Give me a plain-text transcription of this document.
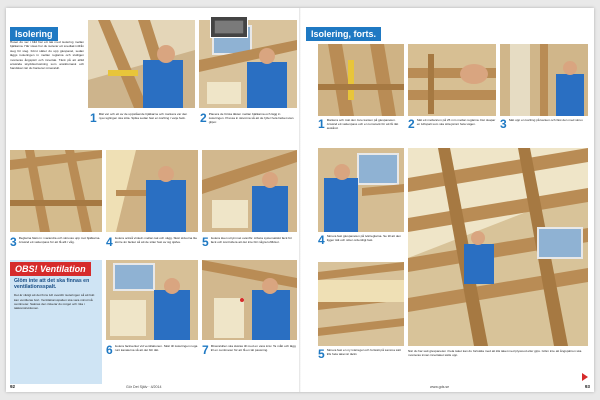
Isolering
Huset du ser i bild har ett tak med isolering mellan bjälkarna. Här visas hur du isolerar ett snedtak inifrån steg för steg. Först sätter du upp glespanel, sedan läggs isoleringen in mellan reglarna och slutligen monteras ångspärr och innertak. Tänk på att alltid använda skyddsutrustning som ansiktsmask och handskar när du hanterar mineralull.
1 Mät var och ett av de uppstående bjälkarna och markera var den nya reglingen ska sitta. Spika sedan fast en kortling i varje fack.	2 Placera de första läkten mellan bjälkarna och lägg in isoleringen. Pressa in skivorna så att de fyller hela facket utan glipor.
3 Reglarna fästs in i varandra och skruvas upp mot bjälkarna. Använd ett vattenpass för att få allt i våg.	4 Isolera också vinkeln mellan tak och vägg. Skär skivorna lite större än facket så att de sitter fast av sig själva.	5 Isolera även utrymmet ovanför. Arbeta systematiskt fack för fack och kontrollera att det inte blir några luftfickor.
OBS! Ventilation
Glöm inte att det ska finnas en ventilationsspalt.
Det är viktigt att det finns luft ovanför isoleringen så att fukt kan ventileras bort. Ventilationsspalten ska vara minst två centimeter. Saknas den riskerar du mögel och röta i takkonstruktionen.
6 Isolera fackverket vid ventilationen. Skär till isoleringen noga runt kanalerna så att det blir tätt.	7 Mineralullen ska skäras till med en vass kniv. Ta mått och lägg till en centimeter för att få en tät passning.
92	Gör Det Själv · 4/2014
Isolering, forts.
1 Markera och mät den övre kanten på glespanelen. Använd ett vattenpass och en tumstock för att få rätt avstånd.	2 Sätt ett mellanrum på 25 mm mellan reglarna. Det skapar en luftspalt som ska sitta jämnt hela vägen.	3 Sätt upp en kortling på kanten och fäst den med skruv.
4 Skruva fast glespanelen på tvärreglarna. Se till att den ligger tätt och sitter ordentligt fast.
5 Skruva fast en ny tvärregel och fortsätt på samma sätt tills hela taket är täckt.
När du har satt glespanelen i hela taket kan du fortsätta med att klä taket med plywood eller gips. Glöm inte att ångspärren ska monteras innan innertaket sätts upp.
www.gds.se	93
